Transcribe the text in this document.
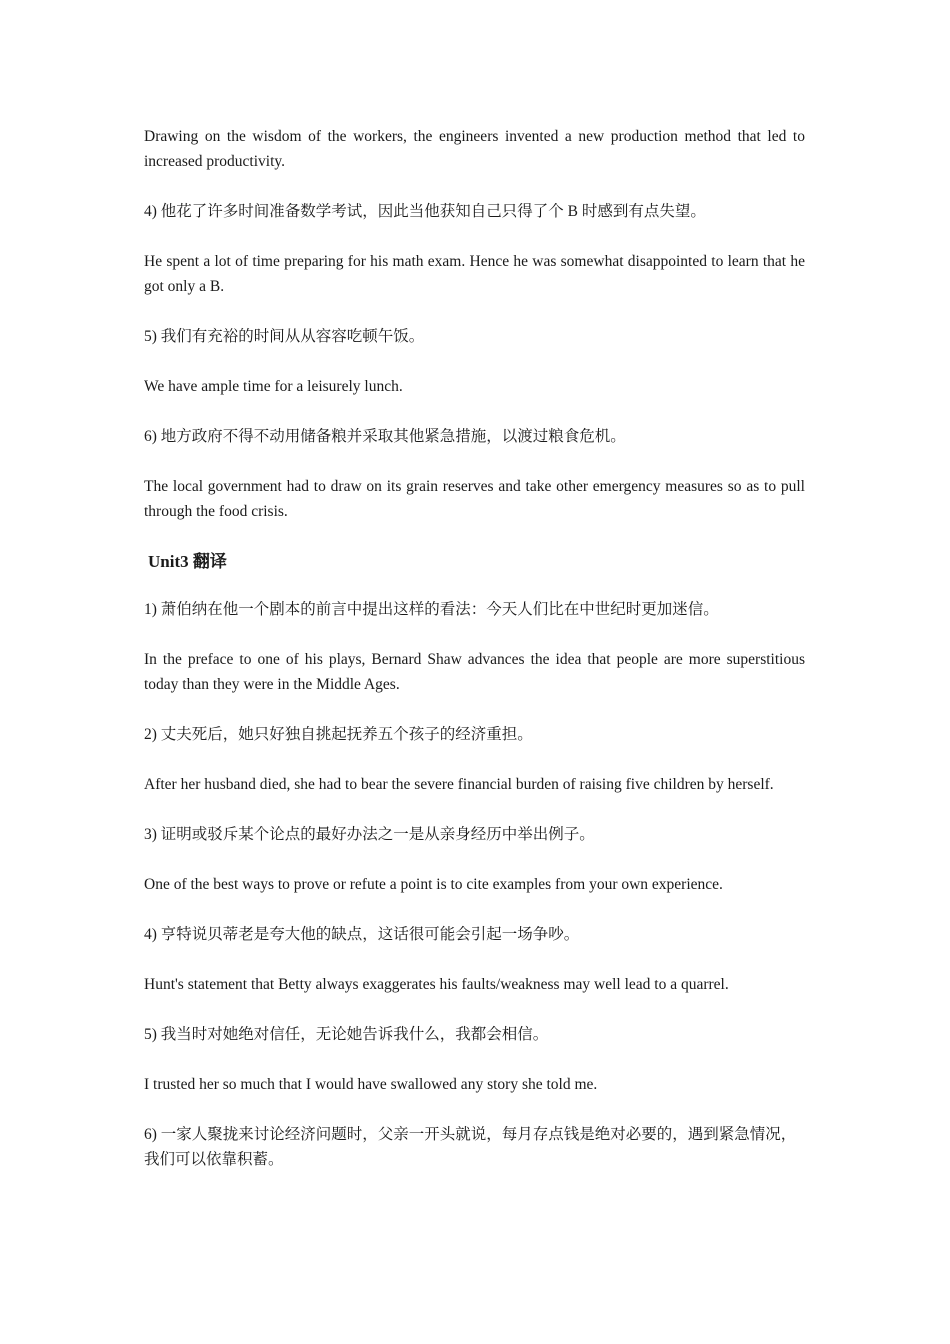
Drawing on the wisdom of the workers, the engineers invented a new production method that led to increased productivity.

4) 他花了许多时间准备数学考试，因此当他获知自己只得了个 B 时感到有点失望。

He spent a lot of time preparing for his math exam. Hence he was somewhat disappointed to learn that he got only a B.

5) 我们有充裕的时间从从容容吃顿午饭。

We have ample time for a leisurely lunch.

6) 地方政府不得不动用储备粮并采取其他紧急措施，以渡过粮食危机。

The local government had to draw on its grain reserves and take other emergency measures so as to pull through the food crisis.

Unit3 翻译

1) 萧伯纳在他一个剧本的前言中提出这样的看法：今天人们比在中世纪时更加迷信。

In the preface to one of his plays, Bernard Shaw advances the idea that people are more superstitious today than they were in the Middle Ages.

2) 丈夫死后，她只好独自挑起抚养五个孩子的经济重担。

After her husband died, she had to bear the severe financial burden of raising five children by herself.

3) 证明或驳斥某个论点的最好办法之一是从亲身经历中举出例子。

One of the best ways to prove or refute a point is to cite examples from your own experience.

4) 亨特说贝蒂老是夸大他的缺点，这话很可能会引起一场争吵。

Hunt's statement that Betty always exaggerates his faults/weakness may well lead to a quarrel.

5) 我当时对她绝对信任，无论她告诉我什么，我都会相信。

I trusted her so much that I would have swallowed any story she told me.

6) 一家人聚拢来讨论经济问题时，父亲一开头就说，每月存点钱是绝对必要的，遇到紧急情况，我们可以依靠积蓄。
